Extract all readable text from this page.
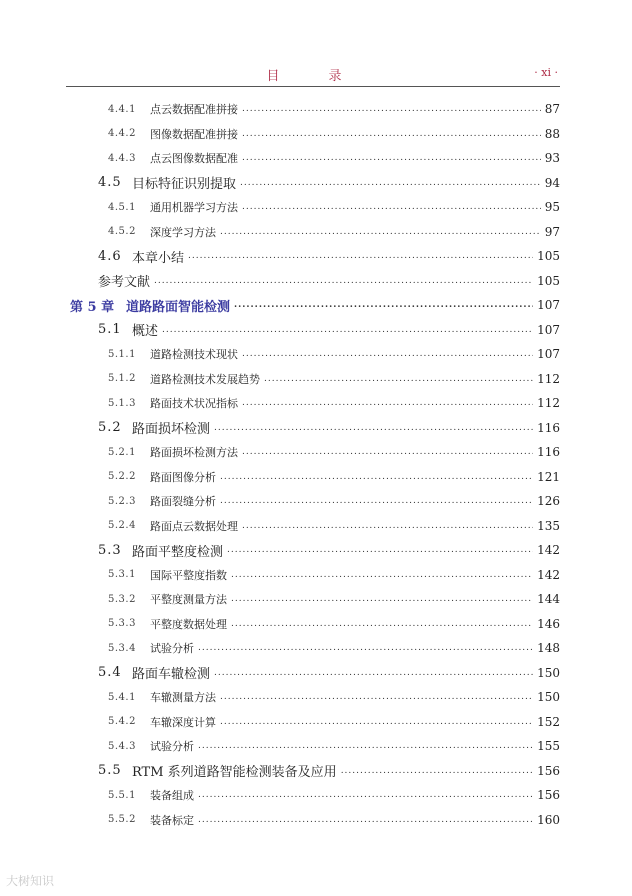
目　录	· xi ·
4.4.1	点云数据配准拼接 .....	87
4.4.2	图像数据配准拼接 .....	88
4.4.3	点云图像数据配准 .....	93
4.5 目标特征识别提取 .....	94
4.5.1	通用机器学习方法 .....	95
4.5.2	深度学习方法 .....	97
4.6 本章小结 .....	105
参考文献 .....	105
第 5 章 道路路面智能检测 .....	107
5.1 概述 .....	107
5.1.1	道路检测技术现状 .....	107
5.1.2	道路检测技术发展趋势 .....	112
5.1.3	路面技术状况指标 .....	112
5.2 路面损坏检测 .....	116
5.2.1	路面损坏检测方法 .....	116
5.2.2	路面图像分析 .....	121
5.2.3	路面裂缝分析 .....	126
5.2.4	路面点云数据处理 .....	135
5.3 路面平整度检测 .....	142
5.3.1	国际平整度指数 .....	142
5.3.2	平整度测量方法 .....	144
5.3.3	平整度数据处理 .....	146
5.3.4	试验分析 .....	148
5.4 路面车辙检测 .....	150
5.4.1	车辙测量方法 .....	150
5.4.2	车辙深度计算 .....	152
5.4.3	试验分析 .....	155
5.5 RTM 系列道路智能检测装备及应用 .....	156
5.5.1	装备组成 .....	156
5.5.2	装备标定 .....	160
大树知识
